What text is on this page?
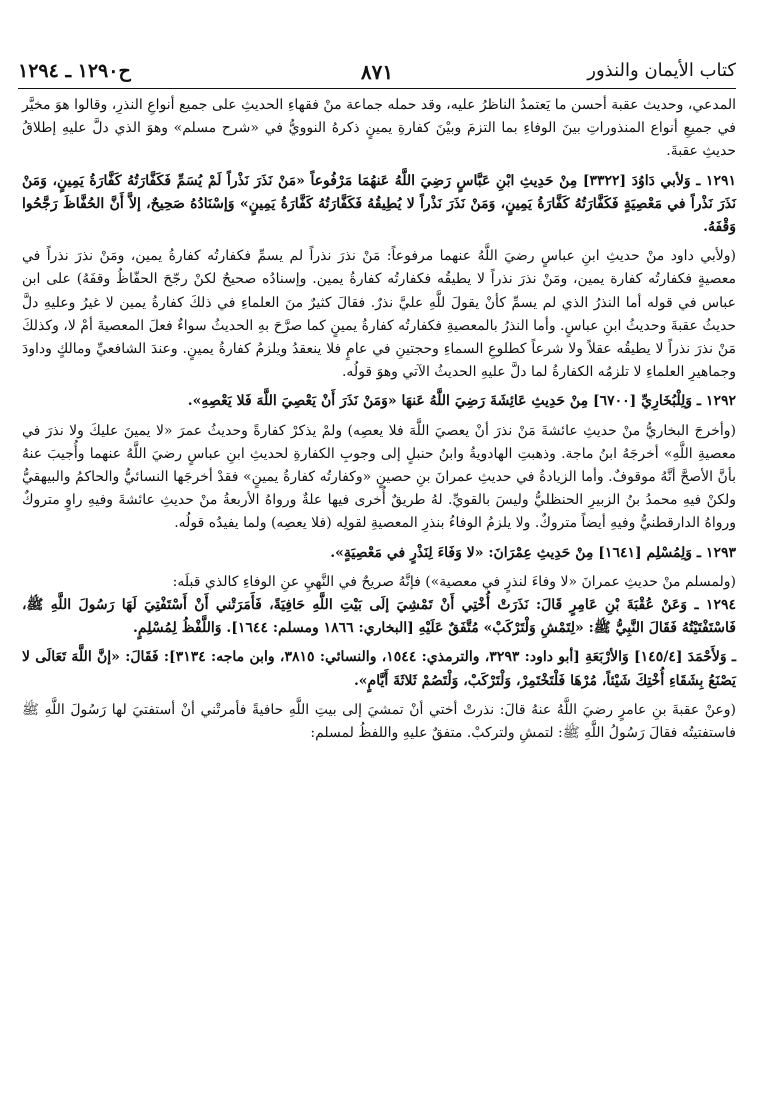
كتاب الأيمان والنذور
٨٧١
ح١٢٩٠ ـ ١٢٩٤

المدعي، وحديث عقبة أحسن ما يَعتمدُ الناظرُ عليه، وقد حمله جماعة منْ فقهاءِ الحديثِ على جميع أنواعِ النذرِ، وقالوا هوَ مخيَّر في جميعِ أنواع المنذوراتِ بينَ الوفاءِ بما التزمَ وبيْنَ كفارةِ يمينٍ ذكرهُ النوويُّ في «شرح مسلم» وهوَ الذي دلَّ عليهِ إطلاقُ حديثِ عقبةَ.

١٢٩١ ـ وَلأبي دَاوُدَ [٣٣٢٢] مِنْ حَدِيثِ ابْنِ عَبَّاسٍ رَضِيَ اللَّهُ عَنهُمَا مَرْفُوعاً «مَنْ نَذَرَ نَذْراً لَمْ يُسَمِّ فَكَفَّارَتُهُ كَفَّارَةُ يَمِينٍ، وَمَنْ نَذَرَ نَذْراً في مَعْصِيَةٍ فَكَفَّارَتُهُ كَفَّارَةُ يَمِينٍ، وَمَنْ نَذَرَ نَذْراً لا يُطِيقُهُ فَكَفَّارَتُهُ كَفَّارَةُ يَمِينٍ» وَإسْنَادُهُ صَحِيحٌ، إلاَّ أَنَّ الحُفَّاظَ رَجَّحُوا وَقْفَهُ.

(ولأبي داود منْ حديثِ ابنِ عباسٍ رضيَ اللَّهُ عنهما مرفوعاً: مَنْ نذرَ نذراً لم يسمِّ فكفارتُه كفارةُ يمين، ومَنْ نذرَ نذراً في معصيةٍ فكفارتُه كفارة يمين، ومَنْ نذرَ نذراً لا يطيقُه فكفارتُه كفارةُ يمين. وإسنادُه صحيحٌ لكنْ رجّحَ الحفّاظُ وقفَهُ) على ابن عباس في قوله أما النذرُ الذي لم يسمِّ كأنْ يقولَ للَّهِ عليَّ نذرٌ. فقالَ كثيرٌ منَ العلماءِ في ذلكَ كفارةُ يمين لا غيرُ وعليهِ دلَّ حديثُ عقبةَ وحديثُ ابنِ عباسٍ. وأما النذرُ بالمعصيةِ فكفارتُه كفارةُ يمينٍ كما صرَّحَ بهِ الحديثُ سواءٌ فعلَ المعصيةَ أمْ لا، وكذلكَ مَنْ نذرَ نذراً لا يطيقُه عقلاً ولا شرعاً كطلوعِ السماءِ وحجتينِ في عامٍ فلا ينعقدُ ويلزمُ كفارةُ يمينٍ. وعندَ الشافعيِّ ومالكٍ وداودَ وجماهيرِ العلماءِ لا تلزمُه الكفارةُ لما دلَّ عليهِ الحديثُ الآتي وهوَ قولُه.

١٢٩٢ ـ وَلِلْبُخَارِيِّ [٦٧٠٠] مِنْ حَدِيثِ عَائِشَةَ رَضِيَ اللَّهُ عَنهَا «وَمَنْ نَذَرَ أَنْ يَعْصِيَ اللَّهَ فَلا يَعْصِهِ».

(وأخرجَ البخاريُّ منْ حديثِ عائشةَ مَنْ نذرَ أنْ يعصيَ اللَّهَ فلا يعصِه) ولمْ يذكرْ كفارةً وحديثُ عمرَ «لا يمينَ عليكَ ولا نذرَ في معصيةِ اللَّهِ» أخرجَهُ ابنُ ماجة. وذهبتِ الهادويةُ وابنُ حنبلٍ إلى وجوبِ الكفارةِ لحديثِ ابنِ عباسٍ رضيَ اللَّهُ عنهما وأُجيبَ عنهُ بأنَّ الأصحَّ أنَّهُ موقوفٌ. وأما الزيادةُ في حديثِ عمرانَ بنِ حصينٍ «وكفارتُه كفارةُ يمينٍ» فقدْ أخرجَها النسائيُّ والحاكمُ والبيهقيُّ ولكنْ فيهِ محمدُ بنُ الزبيرِ الحنظليُّ وليسَ بالقويِّ. لهُ طريقٌ أُخرى فيها علةٌ ورواهُ الأربعةُ منْ حديثِ عائشةَ وفيهِ راوٍ متروكٌ ورواهُ الدارقطنيُّ وفيهِ أيضاً متروكٌ. ولا يلزمُ الوفاءُ بنذرِ المعصيةِ لقولِه (فلا يعصِه) ولما يفيدُه قولُه.

١٢٩٣ ـ وَلِمُسْلِم [١٦٤١] مِنْ حَدِيثِ عِمْرَانَ: «لا وَفَاءَ لِنَذْرٍ في مَعْصِيَةٍ».

(ولمسلم منْ حديثِ عمرانَ «لا وفاءَ لنذرٍ في معصية») فإنَّهُ صريحٌ في النَّهيِ عنِ الوفاءِ كالذي قبلَه:

١٢٩٤ ـ وَعَنْ عُقْبَةَ بْنِ عَامِرٍ قَالَ: نَذَرَتْ أُخْتِي أَنْ تَمْشِيَ إلَى بَيْتِ اللَّهِ حَافِيَةً، فَأَمَرَتْني أَنْ أَسْتَفْتِيَ لَهَا رَسُولَ اللَّهِ ﷺ، فَاسْتَفْتَيْتُهُ فَقَالَ النَّبِيُّ ﷺ: «لِتَمْشِ وَلْتَرْكَبْ» مُتَّفَقٌ عَلَيْهِ [البخاري: ١٨٦٦ ومسلم: ١٦٤٤]. وَاللَّفْظُ لِمُسْلِمٍ.

ـ وَلأَحْمَدَ [١٤٥/٤] وَالأرْبَعَةِ [أبو داود: ٣٢٩٣، والترمذي: ١٥٤٤، والنسائي: ٣٨١٥، وابن ماجه: ٣١٣٤]: فَقَالَ: «إنَّ اللَّهَ تَعَالَى لا يَصْنَعُ بِشَقَاءِ أُخْتِكَ شَيْئاً، مُرْهَا فَلْتَخْتَمِرْ، وَلْتَرْكَبْ، وَلْتَصُمْ ثَلاثَةَ أَيَّامٍ».

(وعنْ عقبةَ بنِ عامرٍ رضيَ اللَّهُ عنهُ قالَ: نذرتْ أختي أنْ تمشيَ إلى بيتِ اللَّهِ حافيةً فأمرتْني أنْ أستفتيَ لها رَسُولَ اللَّهِ ﷺ فاستفتيتُه فقالَ رَسُولُ اللَّهِ ﷺ: لتمشِ ولتركبْ. متفقٌ عليهِ واللفظُ لمسلم:
